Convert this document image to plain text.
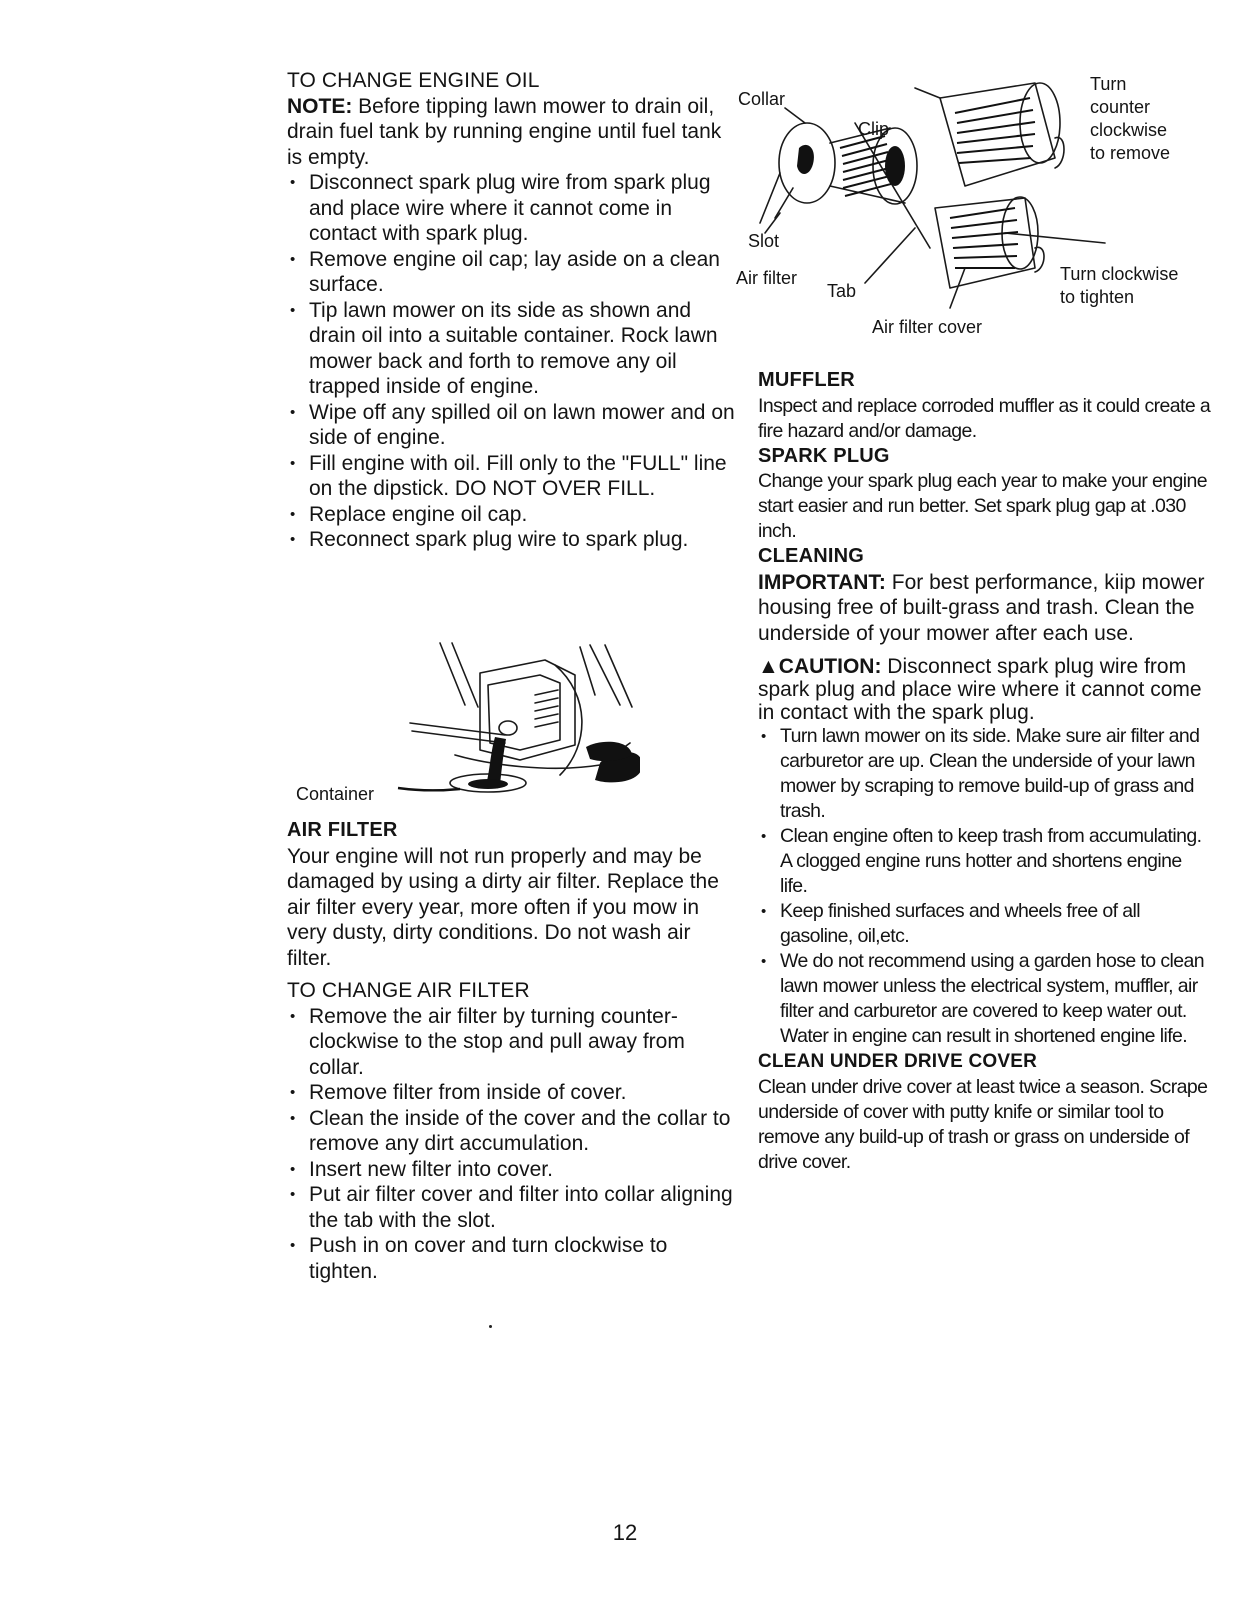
TO CHANGE ENGINE OIL

NOTE: Before tipping lawn mower to drain oil, drain fuel tank by running engine until fuel tank is empty.

• Disconnect spark plug wire from spark plug and place wire where it cannot come in contact with spark plug.
• Remove engine oil cap; lay aside on a clean surface.
• Tip lawn mower on its side as shown and drain oil into a suitable container. Rock lawn mower back and forth to remove any oil trapped inside of engine.
• Wipe off any spilled oil on lawn mower and on side of engine.
• Fill engine with oil. Fill only to the "FULL" line on the dipstick. DO NOT OVER FILL.
• Replace engine oil cap.
• Reconnect spark plug wire to spark plug.
Container
AIR FILTER

Your engine will not run properly and may be damaged by using a dirty air filter. Replace the air filter every year, more often if you mow in very dusty, dirty conditions. Do not wash air filter.

TO CHANGE AIR FILTER
• Remove the air filter by turning counter-clockwise to the stop and pull away from collar.
• Remove filter from inside of cover.
• Clean the inside of the cover and the collar to remove any dirt accumulation.
• Insert new filter into cover.
• Put air filter cover and filter into collar aligning the tab with the slot.
• Push in on cover and turn clockwise to tighten.
Collar
Clip
Slot
Air filter
Tab
Air filter cover
Turn counter clockwise to remove
Turn clockwise to tighten
MUFFLER

Inspect and replace corroded muffler as it could create a fire hazard and/or damage.

SPARK PLUG

Change your spark plug each year to make your engine start easier and run better. Set spark plug gap at .030 inch.

CLEANING

IMPORTANT: For best performance, kiip mower housing free of built-grass and trash. Clean the underside of your mower after each use.

▲CAUTION: Disconnect spark plug wire from spark plug and place wire where it cannot come in contact with the spark plug.

• Turn lawn mower on its side. Make sure air filter and carburetor are up. Clean the underside of your lawn mower by scraping to remove build-up of grass and trash.
• Clean engine often to keep trash from accumulating. A clogged engine runs hotter and shortens engine life.
• Keep finished surfaces and wheels free of all gasoline, oil,etc.
• We do not recommend using a garden hose to clean lawn mower unless the electrical system, muffler, air filter and carburetor are covered to keep water out. Water in engine can result in shortened engine life.
CLEAN UNDER DRIVE COVER

Clean under drive cover at least twice a season. Scrape underside of cover with putty knife or similar tool to remove any build-up of trash or grass on underside of drive cover.

12
